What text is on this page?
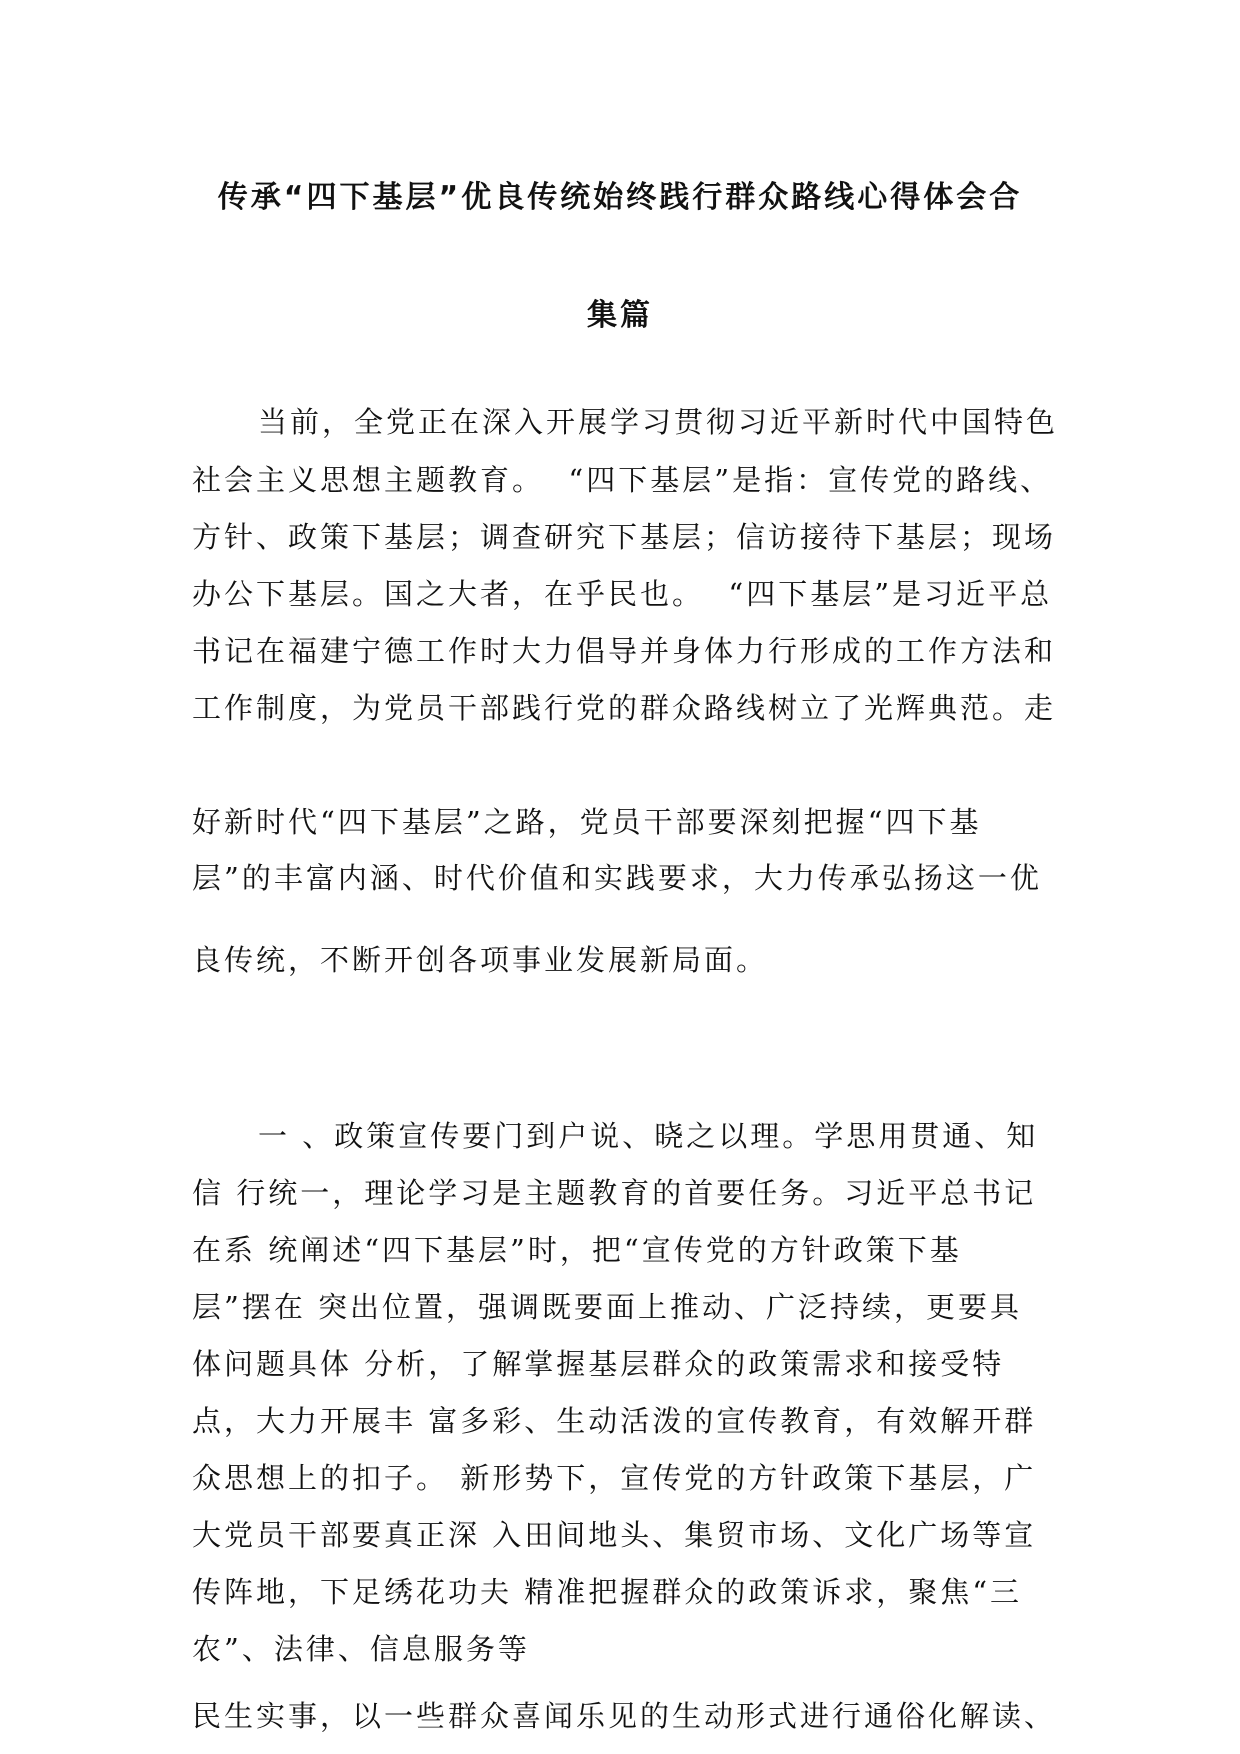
传承“四下基层”优良传统始终践行群众路线心得体会合
集篇
当前，全党正在深入开展学习贯彻习近平新时代中国特色
社会主义思想主题教育。  “四下基层”是指：宣传党的路线、
方针、政策下基层；调查研究下基层；信访接待下基层；现场
办公下基层。国之大者，在乎民也。  “四下基层”是习近平总
书记在福建宁德工作时大力倡导并身体力行形成的工作方法和
工作制度，为党员干部践行党的群众路线树立了光辉典范。走
好新时代“四下基层”之路，党员干部要深刻把握“四下基
层”的丰富内涵、时代价值和实践要求，大力传承弘扬这一优
良传统，不断开创各项事业发展新局面。
一 、政策宣传要门到户说、晓之以理。学思用贯通、知
信 行统一，理论学习是主题教育的首要任务。习近平总书记
在系 统阐述“四下基层”时，把“宣传党的方针政策下基
层”摆在 突出位置，强调既要面上推动、广泛持续，更要具
体问题具体 分析，了解掌握基层群众的政策需求和接受特
点，大力开展丰 富多彩、生动活泼的宣传教育，有效解开群
众思想上的扣子。 新形势下，宣传党的方针政策下基层，广
大党员干部要真正深 入田间地头、集贸市场、文化广场等宣
传阵地，下足绣花功夫 精准把握群众的政策诉求，聚焦“三
农”、法律、信息服务等
民生实事，以一些群众喜闻乐见的生动形式进行通俗化解读、
